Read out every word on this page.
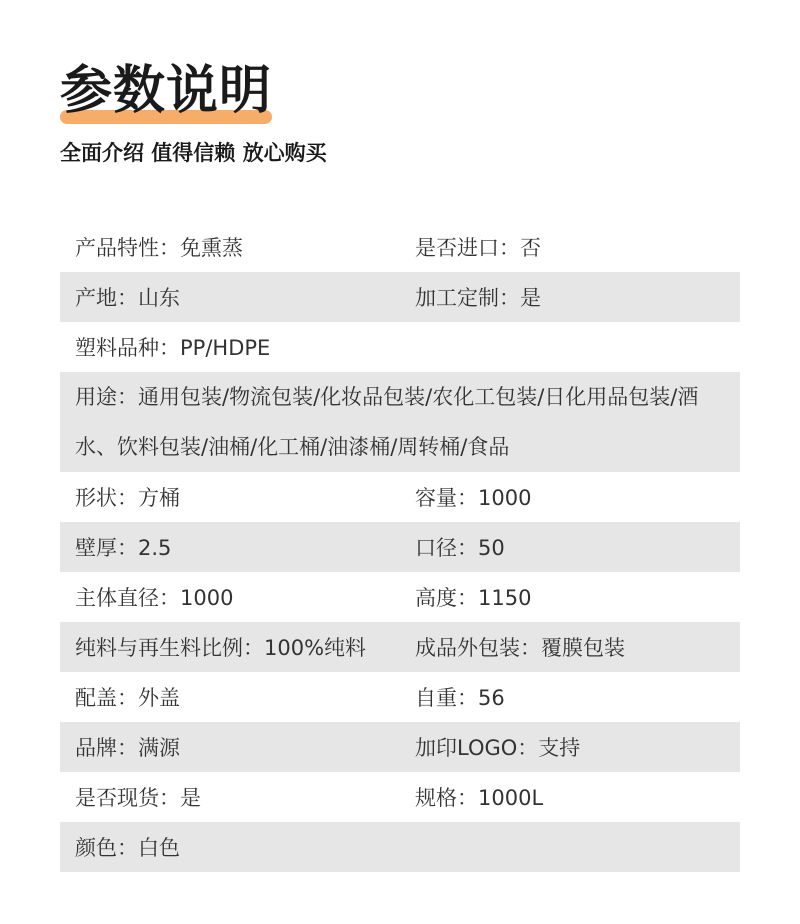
参数说明
全面介绍 值得信赖 放心购买
产品特性：免熏蒸	是否进口：否
产地：山东	加工定制：是
塑料品种：PP/HDPE
用途：通用包装/物流包装/化妆品包装/农化工包装/日化用品包装/酒水、饮料包装/油桶/化工桶/油漆桶/周转桶/食品
形状：方桶	容量：1000
壁厚：2.5	口径：50
主体直径：1000	高度：1150
纯料与再生料比例：100%纯料	成品外包装：覆膜包装
配盖：外盖	自重：56
品牌：满源	加印LOGO：支持
是否现货：是	规格：1000L
颜色：白色
